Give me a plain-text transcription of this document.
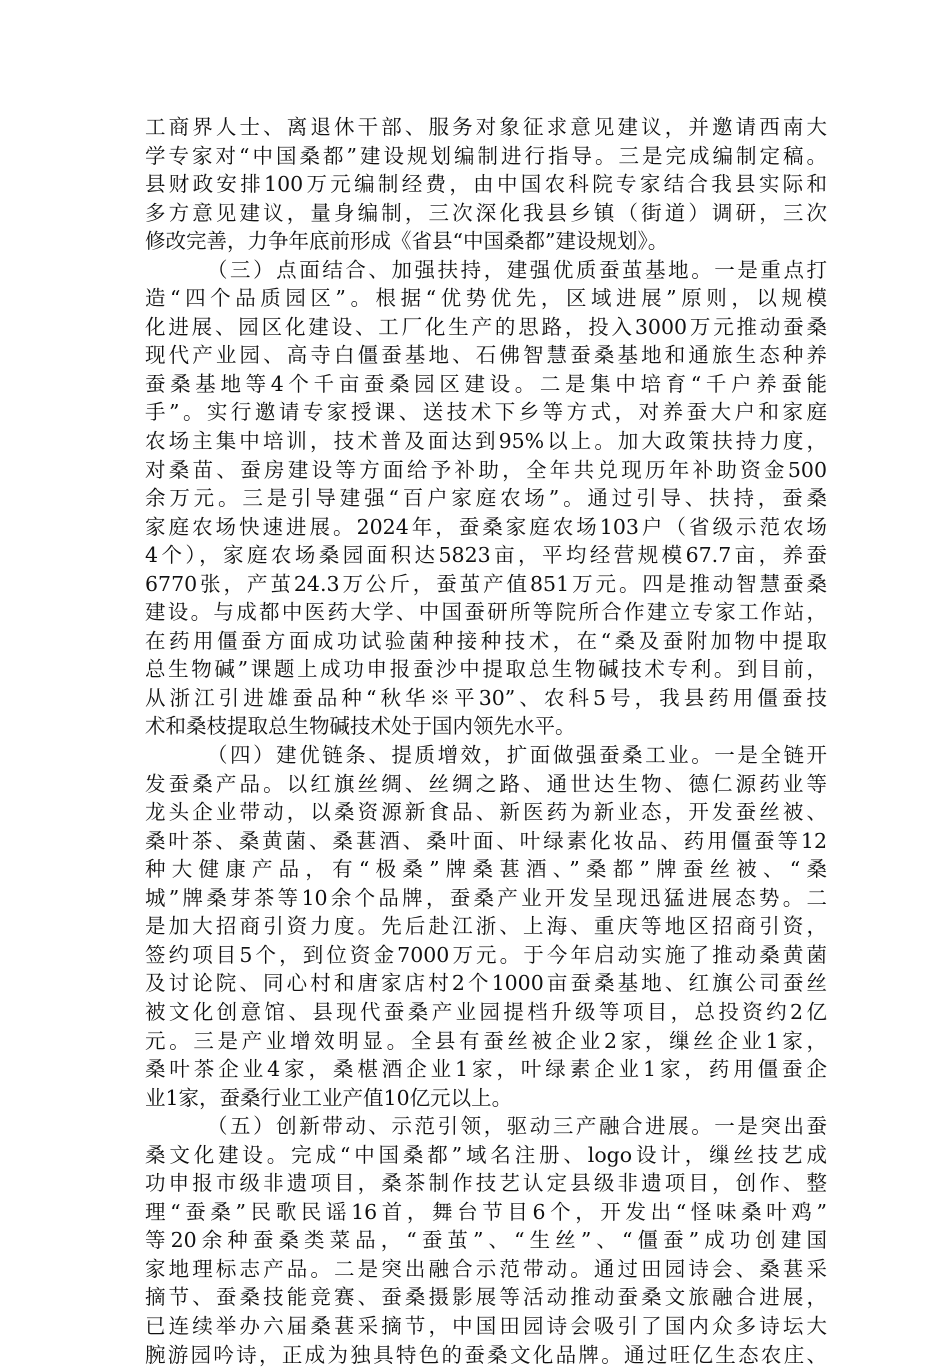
工商界人士、离退休干部、服务对象征求意见建议，并邀请西南大
学专家对“中国桑都”建设规划编制进行指导。三是完成编制定稿。
县财政安排100万元编制经费，由中国农科院专家结合我县实际和
多方意见建议，量身编制，三次深化我县乡镇（街道）调研，三次
修改完善，力争年底前形成《省县“中国桑都”建设规划》。
（三）点面结合、加强扶持，建强优质蚕茧基地。一是重点打
造“四个品质园区”。根据“优势优先，区域进展”原则，以规模
化进展、园区化建设、工厂化生产的思路，投入3000万元推动蚕桑
现代产业园、高寺白僵蚕基地、石佛智慧蚕桑基地和通旅生态种养
蚕桑基地等4个千亩蚕桑园区建设。二是集中培育“千户养蚕能
手”。实行邀请专家授课、送技术下乡等方式，对养蚕大户和家庭
农场主集中培训，技术普及面达到95%以上。加大政策扶持力度，
对桑苗、蚕房建设等方面给予补助，全年共兑现历年补助资金500
余万元。三是引导建强“百户家庭农场”。通过引导、扶持，蚕桑
家庭农场快速进展。2024年，蚕桑家庭农场103户（省级示范农场
4个），家庭农场桑园面积达5823亩，平均经营规模67.7亩，养蚕
6770张，产茧24.3万公斤，蚕茧产值851万元。四是推动智慧蚕桑
建设。与成都中医药大学、中国蚕研所等院所合作建立专家工作站，
在药用僵蚕方面成功试验菌种接种技术，在“桑及蚕附加物中提取
总生物碱”课题上成功申报蚕沙中提取总生物碱技术专利。到目前，
从浙江引进雄蚕品种“秋华※平30”、农科5号，我县药用僵蚕技
术和桑枝提取总生物碱技术处于国内领先水平。
（四）建优链条、提质增效，扩面做强蚕桑工业。一是全链开
发蚕桑产品。以红旗丝绸、丝绸之路、通世达生物、德仁源药业等
龙头企业带动，以桑资源新食品、新医药为新业态，开发蚕丝被、
桑叶茶、桑黄菌、桑葚酒、桑叶面、叶绿素化妆品、药用僵蚕等12
种大健康产品，有“极桑”牌桑葚酒、”桑都”牌蚕丝被、“桑
城”牌桑芽茶等10余个品牌，蚕桑产业开发呈现迅猛进展态势。二
是加大招商引资力度。先后赴江浙、上海、重庆等地区招商引资，
签约项目5个，到位资金7000万元。于今年启动实施了推动桑黄菌
及讨论院、同心村和唐家店村2个1000亩蚕桑基地、红旗公司蚕丝
被文化创意馆、县现代蚕桑产业园提档升级等项目，总投资约2亿
元。三是产业增效明显。全县有蚕丝被企业2家，缫丝企业1家，
桑叶茶企业4家，桑椹酒企业1家，叶绿素企业1家，药用僵蚕企
业1家，蚕桑行业工业产值10亿元以上。
（五）创新带动、示范引领，驱动三产融合进展。一是突出蚕
桑文化建设。完成“中国桑都”域名注册、logo设计，缫丝技艺成
功申报市级非遗项目，桑茶制作技艺认定县级非遗项目，创作、整
理“蚕桑”民歌民谣16首，舞台节目6个，开发出“怪味桑叶鸡”
等20余种蚕桑类菜品，“蚕茧”、“生丝”、“僵蚕”成功创建国
家地理标志产品。二是突出融合示范带动。通过田园诗会、桑葚采
摘节、蚕桑技能竞赛、蚕桑摄影展等活动推动蚕桑文旅融合进展，
已连续举办六届桑葚采摘节，中国田园诗会吸引了国内众多诗坛大
腕游园吟诗，正成为独具特色的蚕桑文化品牌。通过旺亿生态农庄、
